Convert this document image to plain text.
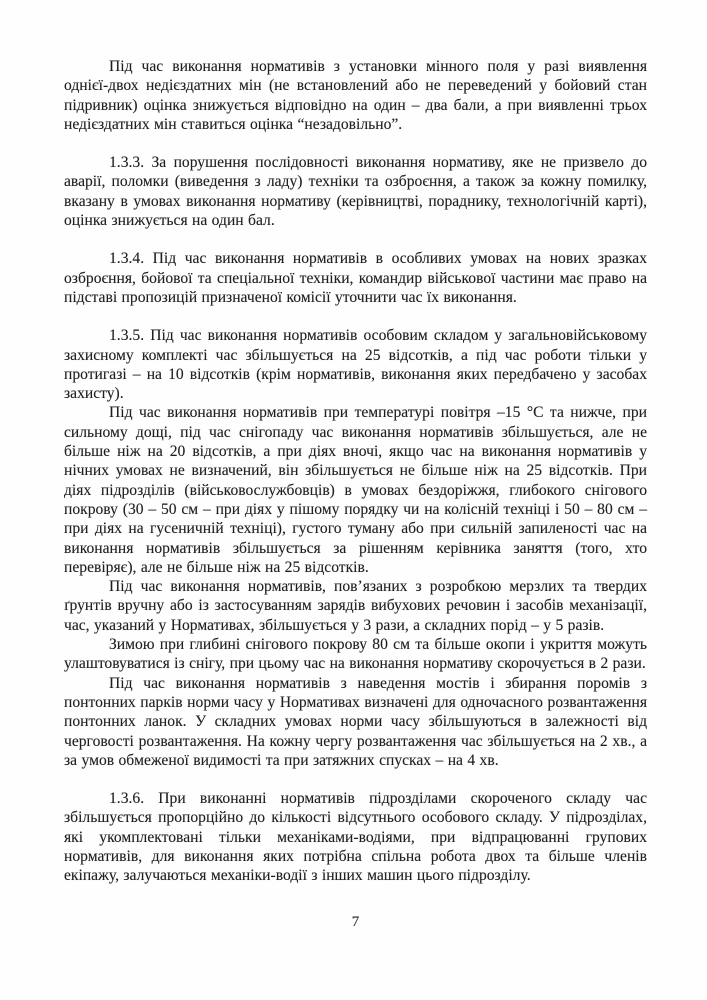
Під час виконання нормативів з установки мінного поля у разі виявлення однієї-двох недієздатних мін (не встановлений або не переведений у бойовий стан підривник) оцінка знижується відповідно на один – два бали, а при виявленні трьох недієздатних мін ставиться оцінка “незадовільно”.

1.3.3. За порушення послідовності виконання нормативу, яке не призвело до аварії, поломки (виведення з ладу) техніки та озброєння, а також за кожну помилку, вказану в умовах виконання нормативу (керівництві, пораднику, технологічній карті), оцінка знижується на один бал.

1.3.4. Під час виконання нормативів в особливих умовах на нових зразках озброєння, бойової та спеціальної техніки, командир військової частини має право на підставі пропозицій призначеної комісії уточнити час їх виконання.

1.3.5. Під час виконання нормативів особовим складом у загальновійськовому захисному комплекті час збільшується на 25 відсотків, а під час роботи тільки у протигазі – на 10 відсотків (крім нормативів, виконання яких передбачено у засобах захисту).

Під час виконання нормативів при температурі повітря –15 °С та нижче, при сильному дощі, під час снігопаду час виконання нормативів збільшується, але не більше ніж на 20 відсотків, а при діях вночі, якщо час на виконання нормативів у нічних умовах не визначений, він збільшується не більше ніж на 25 відсотків. При діях підрозділів (військовослужбовців) в умовах бездоріжжя, глибокого снігового покрову (30 – 50 см – при діях у пішому порядку чи на колісній техніці і 50 – 80 см – при діях на гусеничній техніці), густого туману або при сильній запиленості час на виконання нормативів збільшується за рішенням керівника заняття (того, хто перевіряє), але не більше ніж на 25 відсотків.

Під час виконання нормативів, пов’язаних з розробкою мерзлих та твердих ґрунтів вручну або із застосуванням зарядів вибухових речовин і засобів механізації, час, указаний у Нормативах, збільшується у 3 рази, а складних порід – у 5 разів.

Зимою при глибині снігового покрову 80 см та більше окопи і укриття можуть улаштовуватися із снігу, при цьому час на виконання нормативу скорочується в 2 рази.

Під час виконання нормативів з наведення мостів і збирання поромів з понтонних парків норми часу у Нормативах визначені для одночасного розвантаження понтонних ланок. У складних умовах норми часу збільшуються в залежності від черговості розвантаження. На кожну чергу розвантаження час збільшується на 2 хв., а за умов обмеженої видимості та при затяжних спусках – на 4 хв.

1.3.6. При виконанні нормативів підрозділами скороченого складу час збільшується пропорційно до кількості відсутнього особового складу. У підрозділах, які укомплектовані тільки механіками-водіями, при відпрацюванні групових нормативів, для виконання яких потрібна спільна робота двох та більше членів екіпажу, залучаються механіки-водії з інших машин цього підрозділу.

7
